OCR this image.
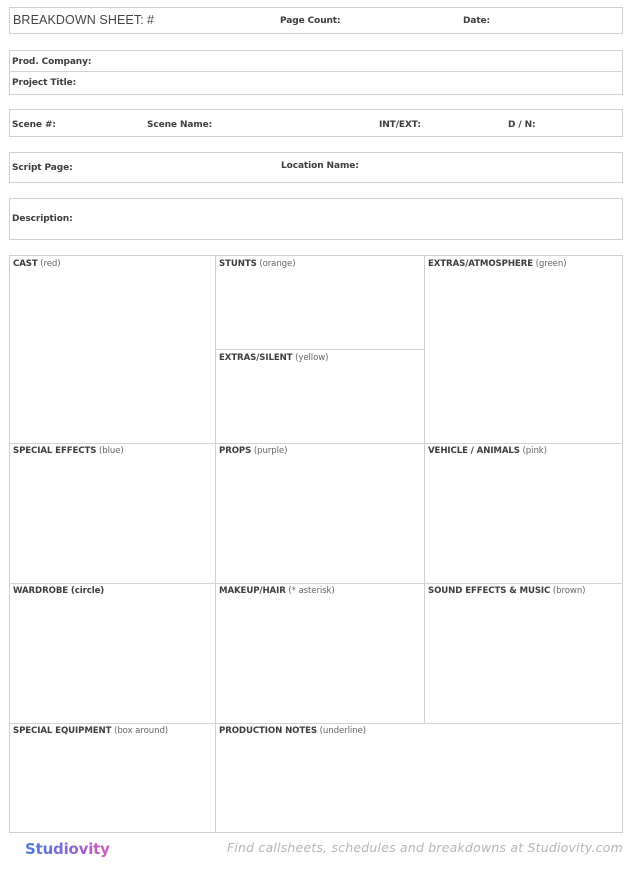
BREAKDOWN SHEET: #	Page Count:	Date:
Prod. Company:
Project Title:
Scene #:	Scene Name:	INT/EXT:	D / N:
Script Page:	Location Name:
Description:
CAST (red)	STUNTS (orange)	EXTRAS/ATMOSPHERE (green)
EXTRAS/SILENT (yellow)
SPECIAL EFFECTS (blue)	PROPS (purple)	VEHICLE / ANIMALS (pink)
WARDROBE (circle)	MAKEUP/HAIR (* asterisk)	SOUND EFFECTS & MUSIC (brown)
SPECIAL EQUIPMENT (box around)	PRODUCTION NOTES (underline)
Studiovity	Find callsheets, schedules and breakdowns at Studiovity.com
